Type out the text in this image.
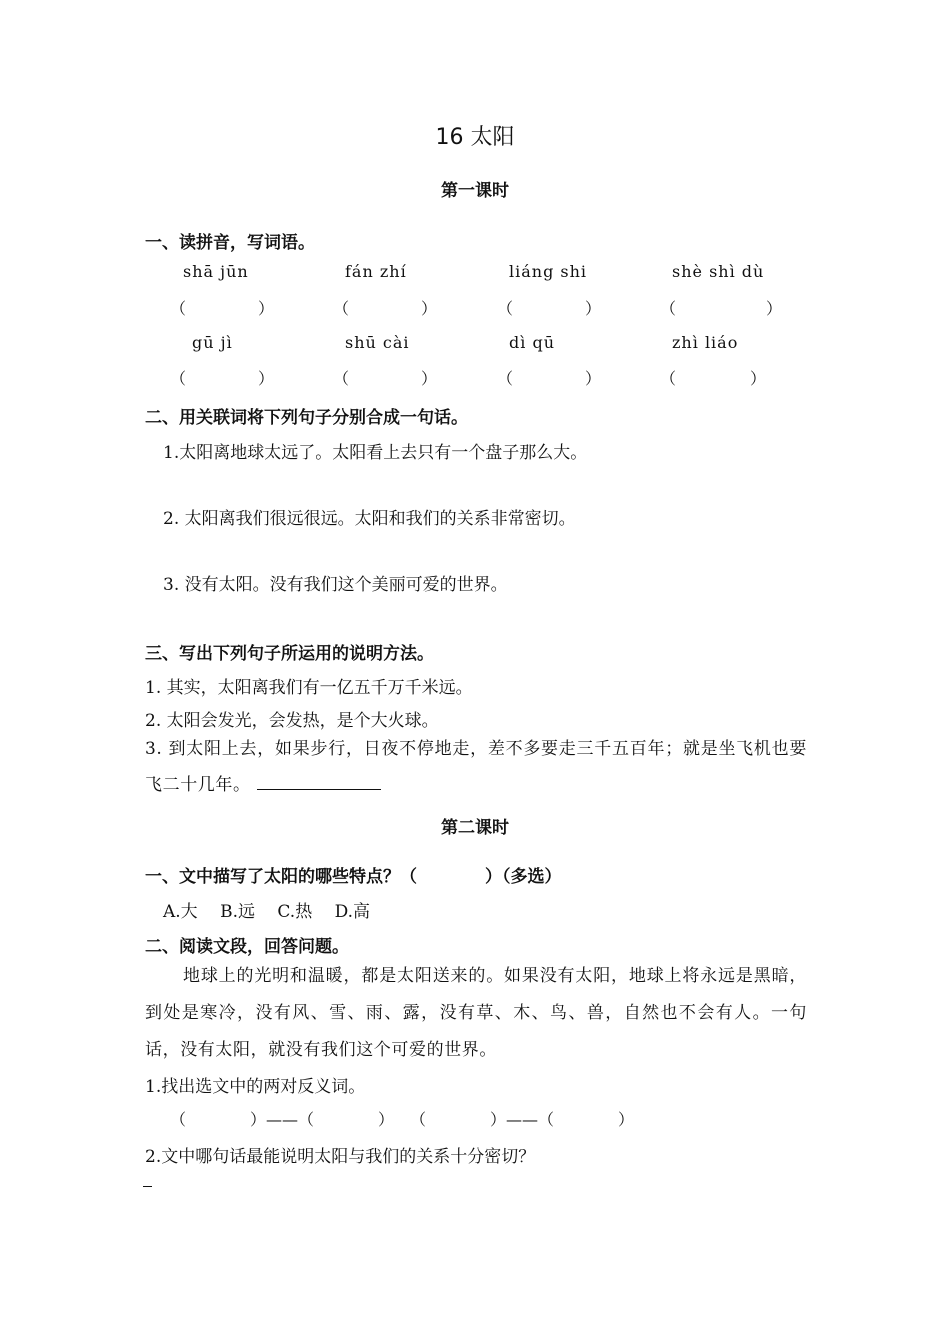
16 太阳
第一课时
一、读拼音，写词语。
shā jūn	fán zhí	liáng shi	shè shì dù
（	）	（	）	（	）	（	）
gū jì	shū cài	dì qū	zhì liáo
（	）	（	）	（	）	（	）
二、用关联词将下列句子分别合成一句话。
1.太阳离地球太远了。太阳看上去只有一个盘子那么大。
2. 太阳离我们很远很远。太阳和我们的关系非常密切。
3. 没有太阳。没有我们这个美丽可爱的世界。
三、写出下列句子所运用的说明方法。
1. 其实，太阳离我们有一亿五千万千米远。
2. 太阳会发光，会发热，是个大火球。
3. 到太阳上去，如果步行，日夜不停地走，差不多要走三千五百年；就是坐飞机也要飞二十几年。
第二课时
一、文中描写了太阳的哪些特点？（　　　　）（多选）
A.大　 B.远　 C.热　 D.高
二、阅读文段，回答问题。
地球上的光明和温暖，都是太阳送来的。如果没有太阳，地球上将永远是黑暗，到处是寒冷，没有风、雪、雨、露，没有草、木、鸟、兽，自然也不会有人。一句话，没有太阳，就没有我们这个可爱的世界。
1.找出选文中的两对反义词。
（　　　　）——（　　　　）　　（　　　　）——（　　　　）
2.文中哪句话最能说明太阳与我们的关系十分密切？
